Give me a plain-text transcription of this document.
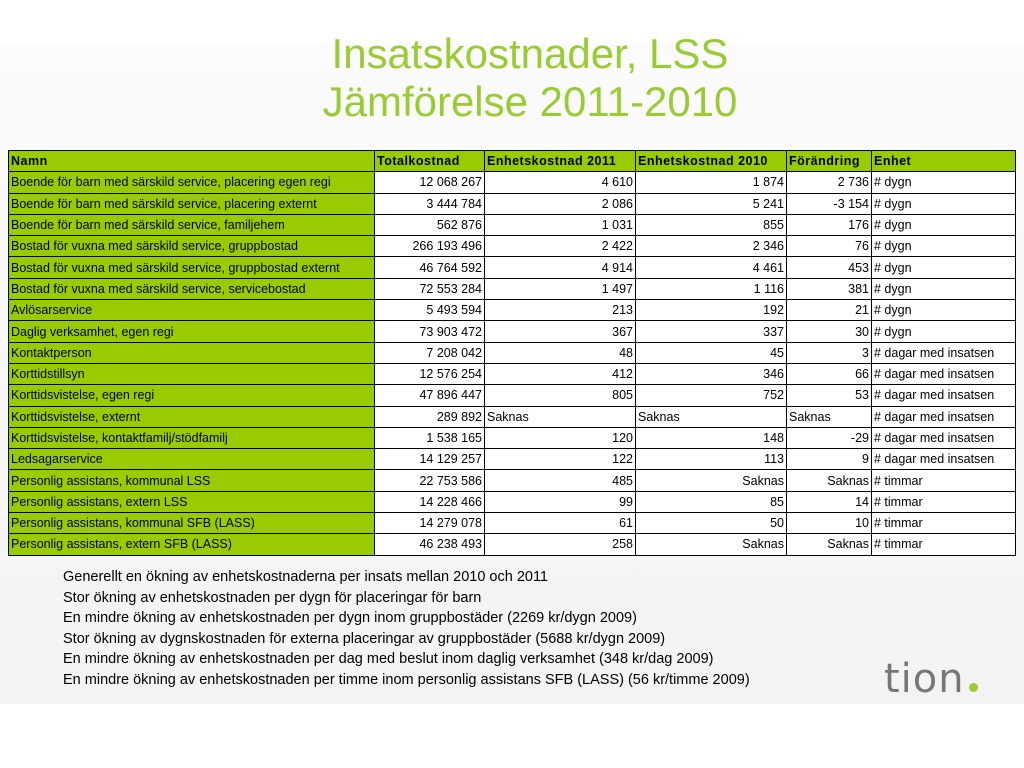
Insatskostnader, LSS
Jämförelse 2011-2010
Namn	Totalkostnad	Enhetskostnad 2011	Enhetskostnad 2010	Förändring	Enhet
Boende för barn med särskild service, placering egen regi	12 068 267	4 610	1 874	2 736	# dygn
Boende för barn med särskild service, placering externt	3 444 784	2 086	5 241	-3 154	# dygn
Boende för barn med särskild service, familjehem	562 876	1 031	855	176	# dygn
Bostad för vuxna med särskild service, gruppbostad	266 193 496	2 422	2 346	76	# dygn
Bostad för vuxna med särskild service, gruppbostad externt	46 764 592	4 914	4 461	453	# dygn
Bostad för vuxna med särskild service, servicebostad	72 553 284	1 497	1 116	381	# dygn
Avlösarservice	5 493 594	213	192	21	# dygn
Daglig verksamhet, egen regi	73 903 472	367	337	30	# dygn
Kontaktperson	7 208 042	48	45	3	# dagar med insatsen
Korttidstillsyn	12 576 254	412	346	66	# dagar med insatsen
Korttidsvistelse, egen regi	47 896 447	805	752	53	# dagar med insatsen
Korttidsvistelse, externt	289 892	Saknas	Saknas	Saknas	# dagar med insatsen
Korttidsvistelse, kontaktfamilj/stödfamilj	1 538 165	120	148	-29	# dagar med insatsen
Ledsagarservice	14 129 257	122	113	9	# dagar med insatsen
Personlig assistans, kommunal LSS	22 753 586	485	Saknas	Saknas	# timmar
Personlig assistans, extern LSS	14 228 466	99	85	14	# timmar
Personlig assistans, kommunal SFB (LASS)	14 279 078	61	50	10	# timmar
Personlig assistans, extern SFB (LASS)	46 238 493	258	Saknas	Saknas	# timmar
Generellt en ökning av enhetskostnaderna per insats mellan 2010 och 2011
Stor ökning av enhetskostnaden per dygn för placeringar för barn
En mindre ökning av enhetskostnaden per dygn inom gruppbostäder (2269 kr/dygn 2009)
Stor ökning av dygnskostnaden för externa placeringar av gruppbostäder (5688 kr/dygn 2009)
En mindre ökning av enhetskostnaden per dag med beslut inom daglig verksamhet (348 kr/dag 2009)
En mindre ökning av enhetskostnaden per timme inom personlig assistans SFB (LASS) (56 kr/timme 2009)	tion
